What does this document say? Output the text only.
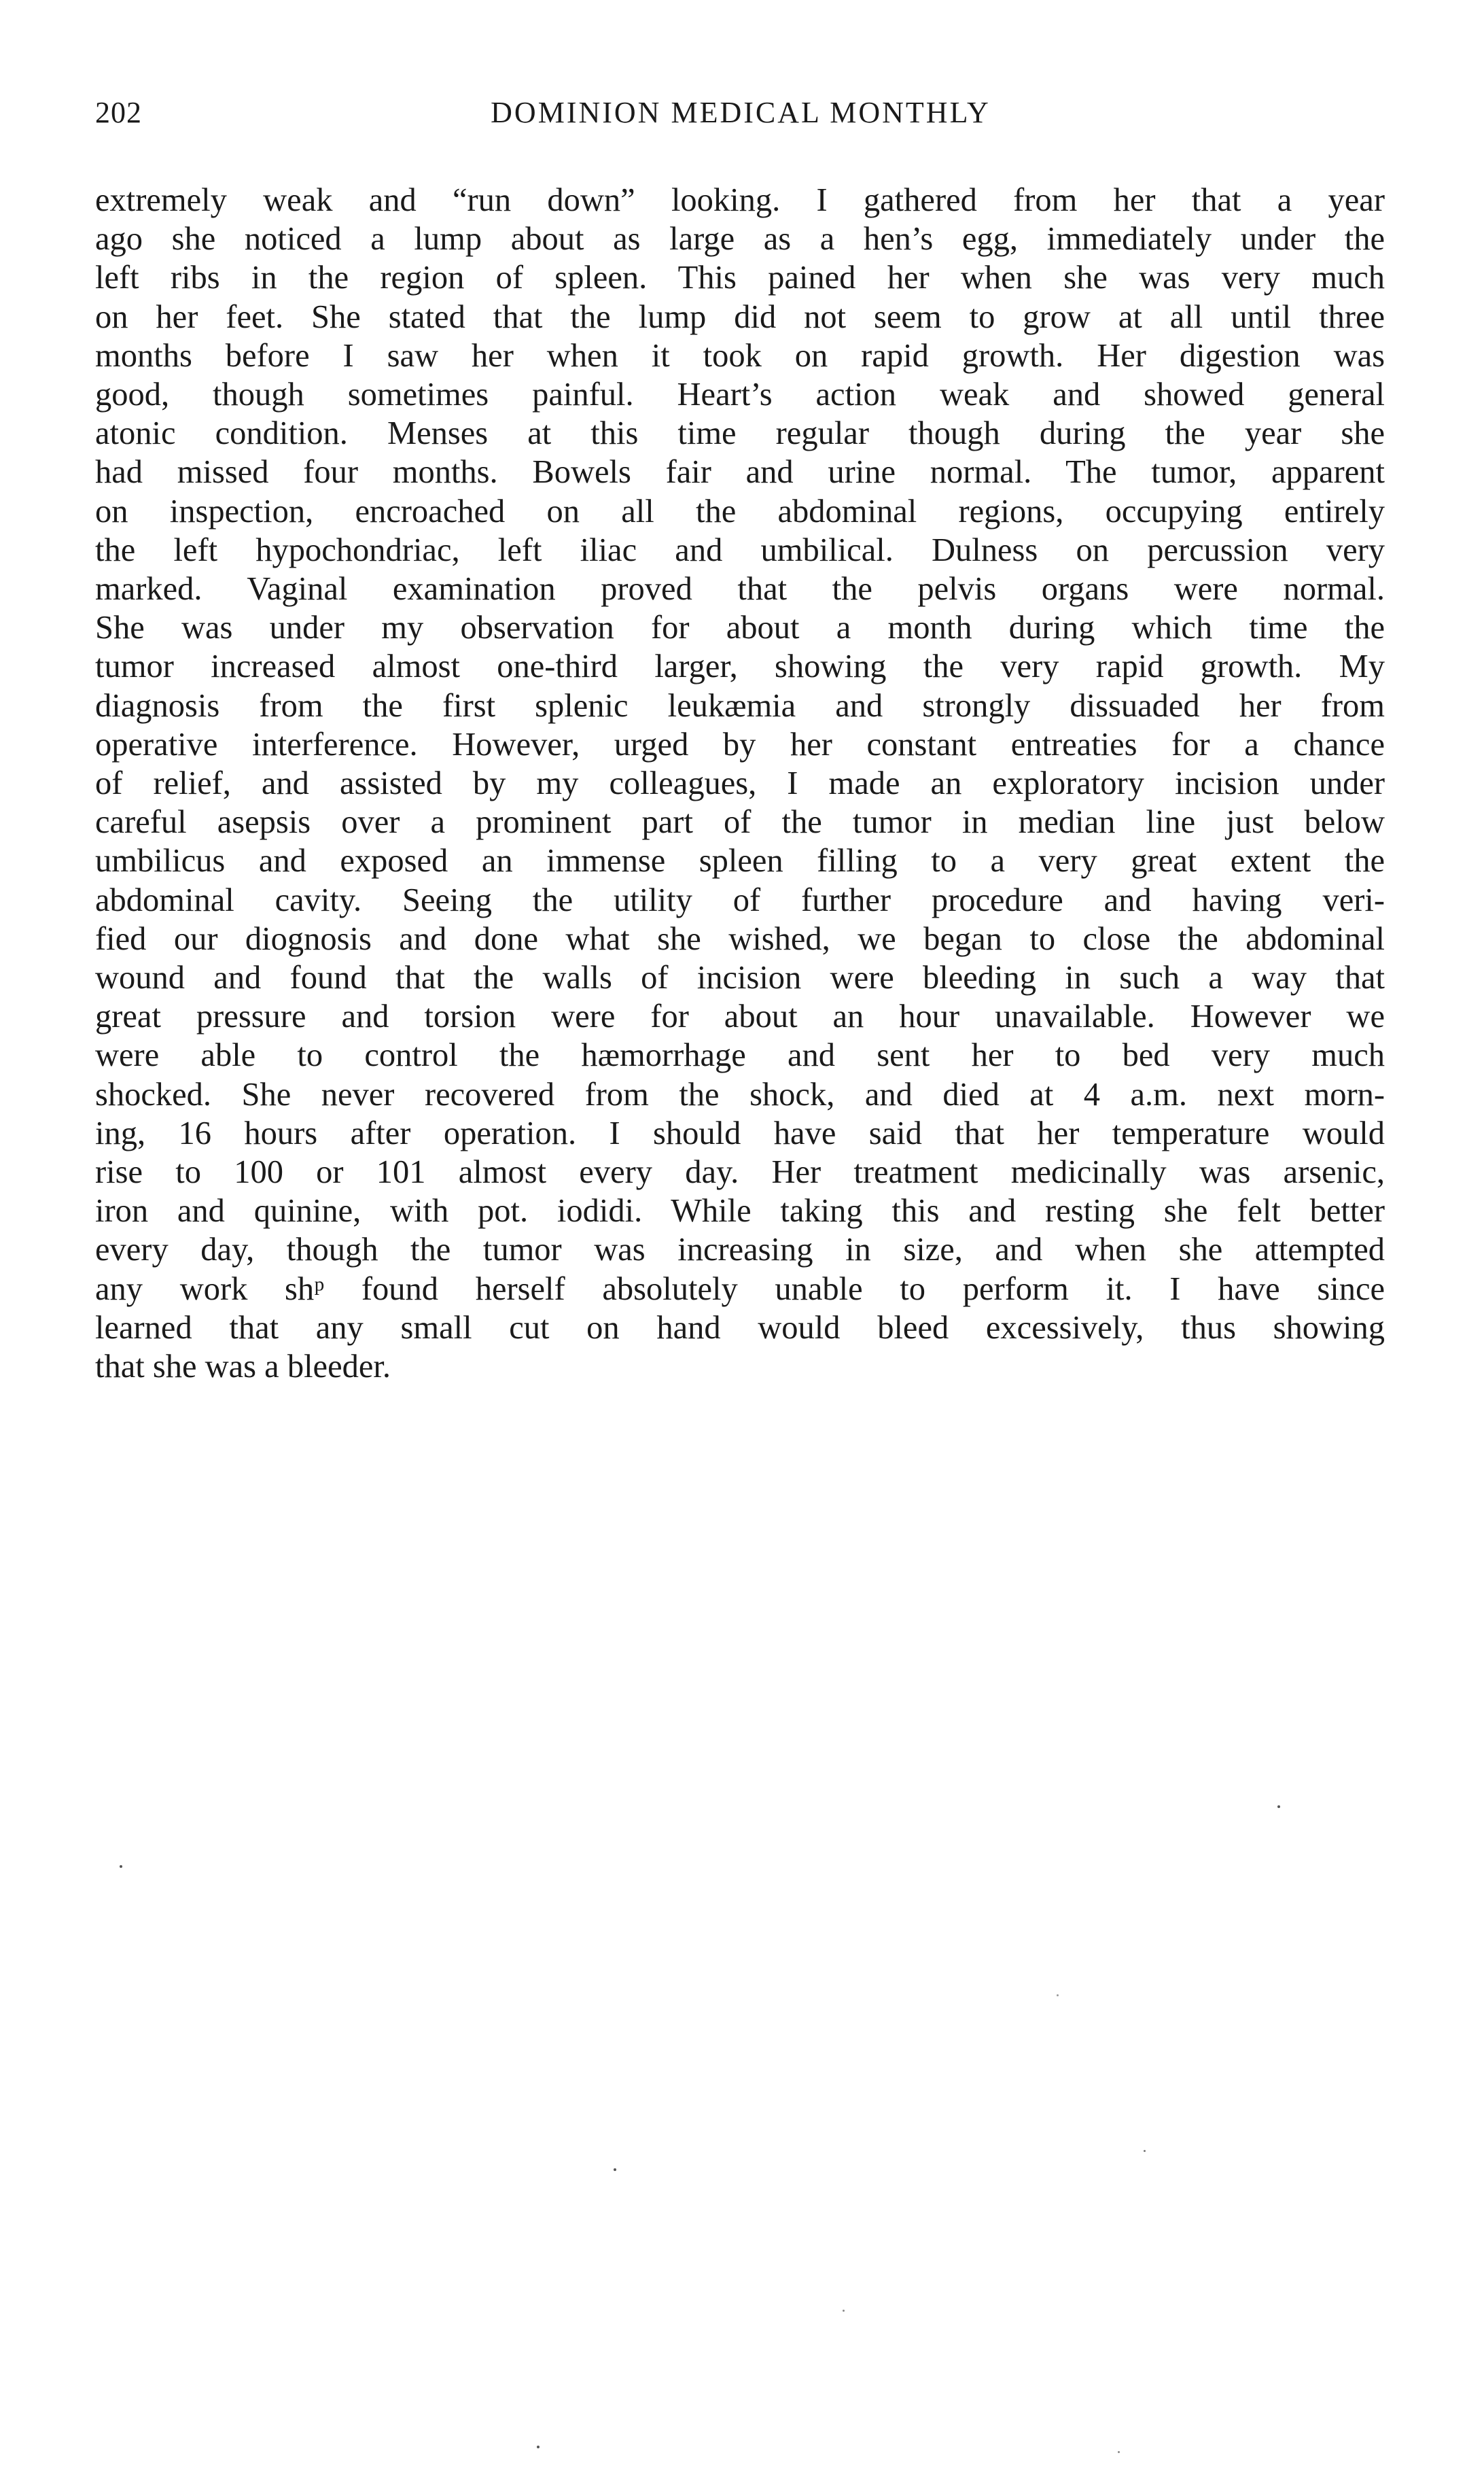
202	DOMINION MEDICAL MONTHLY
extremely weak and “run down” looking. I gathered from her that a year
ago she noticed a lump about as large as a hen’s egg, immediately under the
left ribs in the region of spleen. This pained her when she was very much
on her feet. She stated that the lump did not seem to grow at all until three
months before I saw her when it took on rapid growth. Her digestion was
good, though sometimes painful. Heart’s action weak and showed general
atonic condition. Menses at this time regular though during the year she
had missed four months. Bowels fair and urine normal. The tumor, apparent
on inspection, encroached on all the abdominal regions, occupying entirely
the left hypochondriac, left iliac and umbilical. Dulness on percussion very
marked. Vaginal examination proved that the pelvis organs were normal.
She was under my observation for about a month during which time the
tumor increased almost one-third larger, showing the very rapid growth. My
diagnosis from the first splenic leukæmia and strongly dissuaded her from
operative interference. However, urged by her constant entreaties for a chance
of relief, and assisted by my colleagues, I made an exploratory incision under
careful asepsis over a prominent part of the tumor in median line just below
umbilicus and exposed an immense spleen filling to a very great extent the
abdominal cavity. Seeing the utility of further procedure and having veri-
fied our diognosis and done what she wished, we began to close the abdominal
wound and found that the walls of incision were bleeding in such a way that
great pressure and torsion were for about an hour unavailable. However we
were able to control the hæmorrhage and sent her to bed very much
shocked. She never recovered from the shock, and died at 4 a.m. next morn-
ing, 16 hours after operation. I should have said that her temperature would
rise to 100 or 101 almost every day. Her treatment medicinally was arsenic,
iron and quinine, with pot. iodidi. While taking this and resting she felt better
every day, though the tumor was increasing in size, and when she attempted
any work shᵖ found herself absolutely unable to perform it. I have since
learned that any small cut on hand would bleed excessively, thus showing
that she was a bleeder.
